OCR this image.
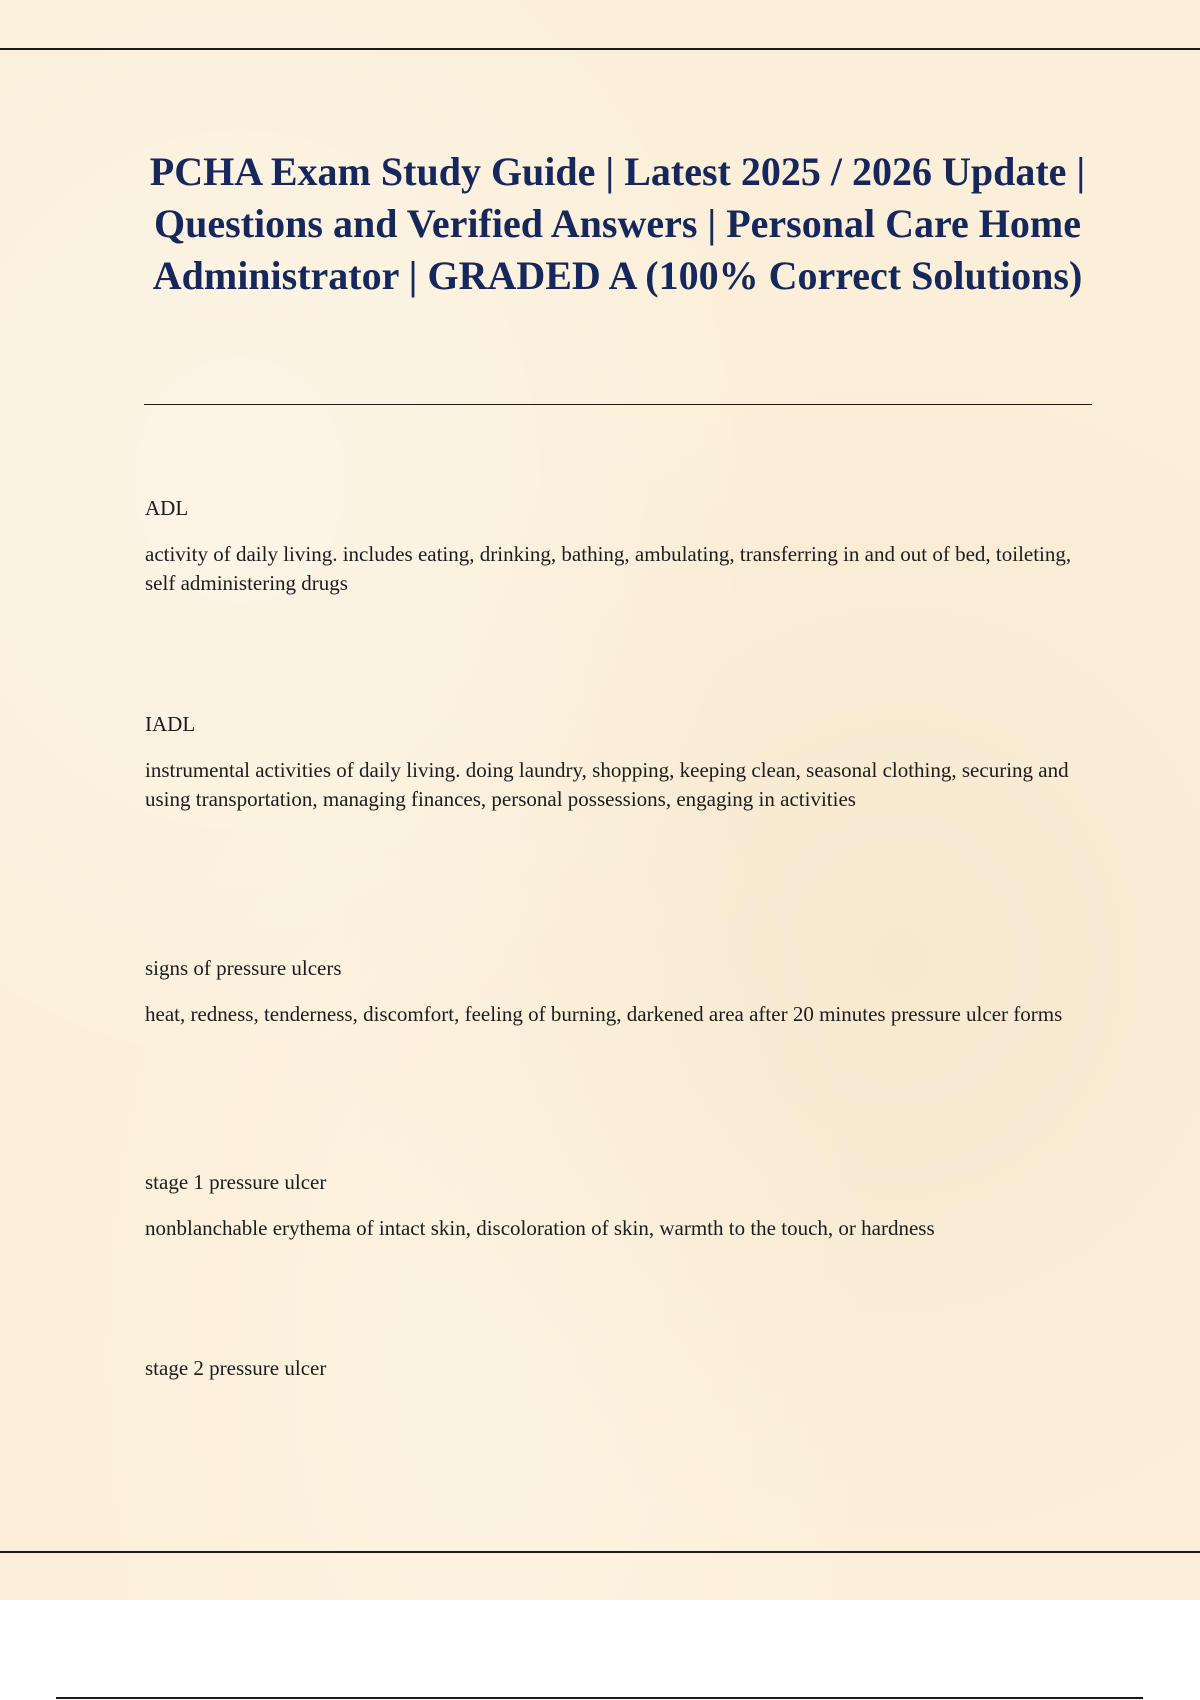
PCHA Exam Study Guide | Latest 2025 / 2026 Update | Questions and Verified Answers | Personal Care Home Administrator | GRADED A (100% Correct Solutions)

ADL

activity of daily living. includes eating, drinking, bathing, ambulating, transferring in and out of bed, toileting, self administering drugs

IADL

instrumental activities of daily living. doing laundry, shopping, keeping clean, seasonal clothing, securing and using transportation, managing finances, personal possessions, engaging in activities

signs of pressure ulcers

heat, redness, tenderness, discomfort, feeling of burning, darkened area after 20 minutes pressure ulcer forms

stage 1 pressure ulcer

nonblanchable erythema of intact skin, discoloration of skin, warmth to the touch, or hardness

stage 2 pressure ulcer
